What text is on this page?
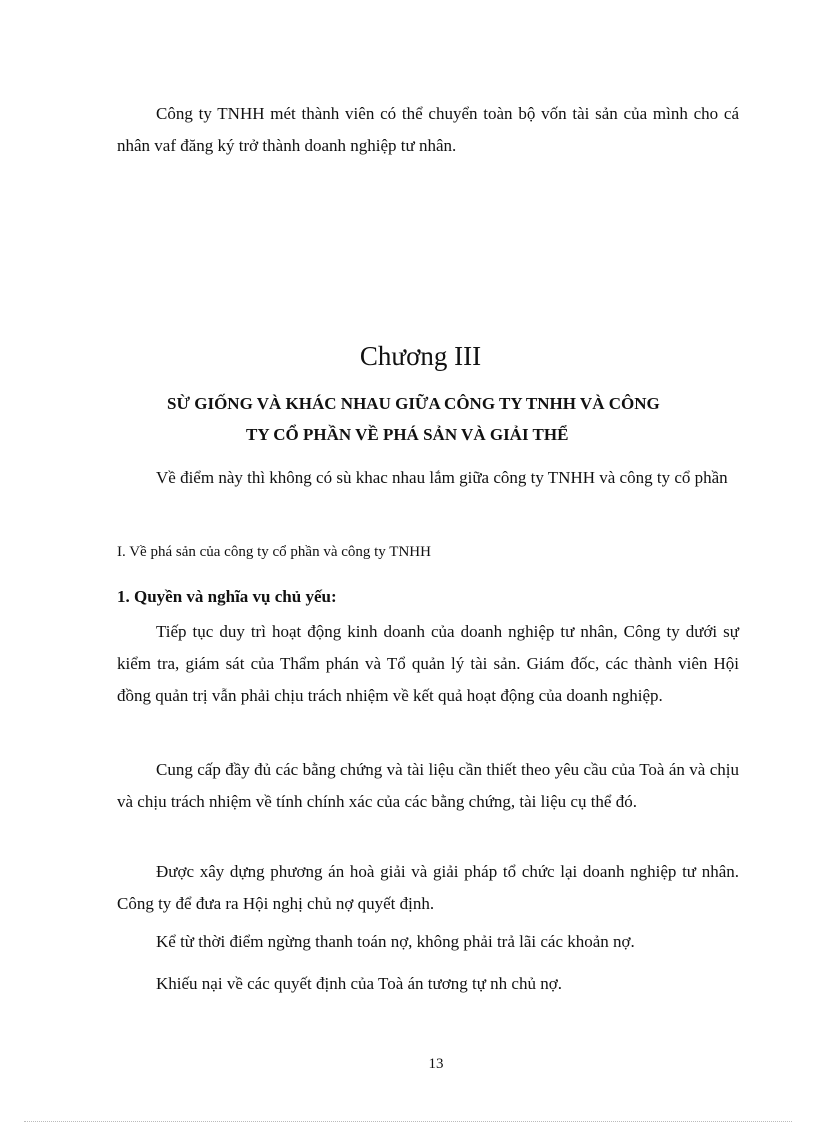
Công ty TNHH mét thành viên có thể chuyển toàn bộ vốn tài sản của mình cho cá nhân vaf đăng ký trở thành doanh nghiệp tư nhân.

Chương III

SỪ GIỐNG VÀ KHÁC NHAU GIỮA CÔNG TY TNHH VÀ CÔNG

TY CỔ PHẦN VỀ PHÁ SẢN VÀ GIẢI THỂ

Về điểm này thì không có sù khac nhau lắm giữa công ty TNHH và công ty cổ phần

I. Về phá sản của công ty cổ phần và công ty TNHH

1. Quyền và nghĩa vụ chủ yếu:

Tiếp tục duy trì hoạt động kinh doanh của doanh nghiệp tư nhân, Công ty dưới sự kiểm tra, giám sát của Thẩm phán và Tổ quản lý tài sản. Giám đốc, các thành viên Hội đồng quản trị vẫn phải chịu trách nhiệm về kết quả hoạt động của doanh nghiệp.

Cung cấp đầy đủ các bằng chứng và tài liệu cần thiết theo yêu cầu của Toà án và chịu và chịu trách nhiệm về tính chính xác của các bằng chứng, tài liệu cụ thể đó.

Được xây dựng phương án hoà giải và giải pháp tổ chức lại doanh nghiệp tư nhân. Công ty để đưa ra Hội nghị chủ nợ quyết định.

Kể từ thời điểm ngừng thanh toán nợ, không phải trả lãi các khoản nợ.

Khiếu nại về các quyết định của Toà án tương tự nh chủ nợ.

13
